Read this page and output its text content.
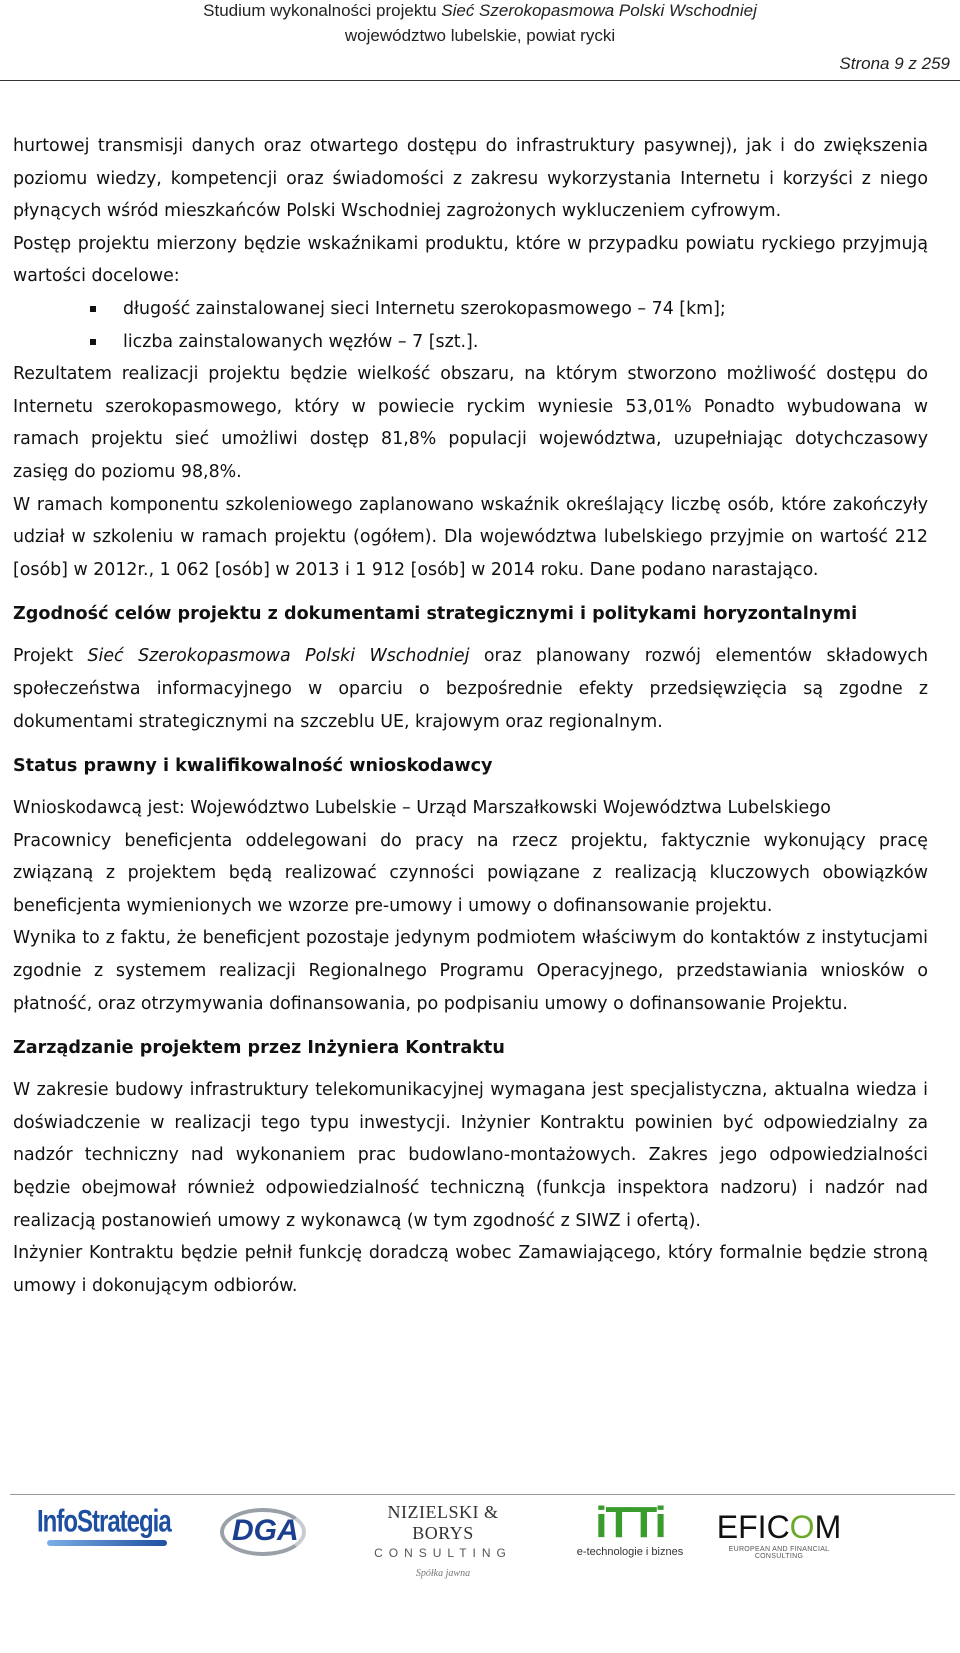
Studium wykonalności projektu Sieć Szerokopasmowa Polski Wschodniej
województwo lubelskie, powiat rycki
Strona 9 z 259

hurtowej transmisji danych oraz otwartego dostępu do infrastruktury pasywnej), jak i do zwiększenia poziomu wiedzy, kompetencji oraz świadomości z zakresu wykorzystania Internetu i korzyści z niego płynących wśród mieszkańców Polski Wschodniej zagrożonych wykluczeniem cyfrowym.

Postęp projektu mierzony będzie wskaźnikami produktu, które w przypadku powiatu ryckiego przyjmują wartości docelowe:

długość zainstalowanej sieci Internetu szerokopasmowego – 74 [km];
liczba zainstalowanych węzłów – 7 [szt.].

Rezultatem realizacji projektu będzie wielkość obszaru, na którym stworzono możliwość dostępu do Internetu szerokopasmowego, który w powiecie ryckim wyniesie 53,01% Ponadto wybudowana w ramach projektu sieć umożliwi dostęp 81,8% populacji województwa, uzupełniając dotychczasowy zasięg do poziomu 98,8%.

W ramach komponentu szkoleniowego zaplanowano wskaźnik określający liczbę osób, które zakończyły udział w szkoleniu w ramach projektu (ogółem). Dla województwa lubelskiego przyjmie on wartość 212 [osób] w 2012r., 1 062 [osób] w 2013 i 1 912 [osób] w 2014 roku. Dane podano narastająco.

Zgodność celów projektu z dokumentami strategicznymi i politykami horyzontalnymi

Projekt Sieć Szerokopasmowa Polski Wschodniej oraz planowany rozwój elementów składowych społeczeństwa informacyjnego w oparciu o bezpośrednie efekty przedsięwzięcia są zgodne z dokumentami strategicznymi na szczeblu UE, krajowym oraz regionalnym.

Status prawny i kwalifikowalność wnioskodawcy

Wnioskodawcą jest: Województwo Lubelskie – Urząd Marszałkowski Województwa Lubelskiego

Pracownicy beneficjenta oddelegowani do pracy na rzecz projektu, faktycznie wykonujący pracę związaną z projektem będą realizować czynności powiązane z realizacją kluczowych obowiązków beneficjenta wymienionych we wzorze pre-umowy i umowy o dofinansowanie projektu.

Wynika to z faktu, że beneficjent pozostaje jedynym podmiotem właściwym do kontaktów z instytucjami zgodnie z systemem realizacji Regionalnego Programu Operacyjnego, przedstawiania wniosków o płatność, oraz otrzymywania dofinansowania, po podpisaniu umowy o dofinansowanie Projektu.

Zarządzanie projektem przez Inżyniera Kontraktu

W zakresie budowy infrastruktury telekomunikacyjnej wymagana jest specjalistyczna, aktualna wiedza i doświadczenie w realizacji tego typu inwestycji. Inżynier Kontraktu powinien być odpowiedzialny za nadzór techniczny nad wykonaniem prac budowlano-montażowych. Zakres jego odpowiedzialności będzie obejmował również odpowiedzialność techniczną (funkcja inspektora nadzoru) i nadzór nad realizacją postanowień umowy z wykonawcą (w tym zgodność z SIWZ i ofertą).

Inżynier Kontraktu będzie pełnił funkcję doradczą wobec Zamawiającego, który formalnie będzie stroną umowy i dokonującym odbiorów.

InfoStrategia DGA
NIZIELSKI & BORYS
CONSULTING
Spółka jawna
iTTi
e-technologie i biznes
EFICOM
EUROPEAN AND FINANCIAL CONSULTING
